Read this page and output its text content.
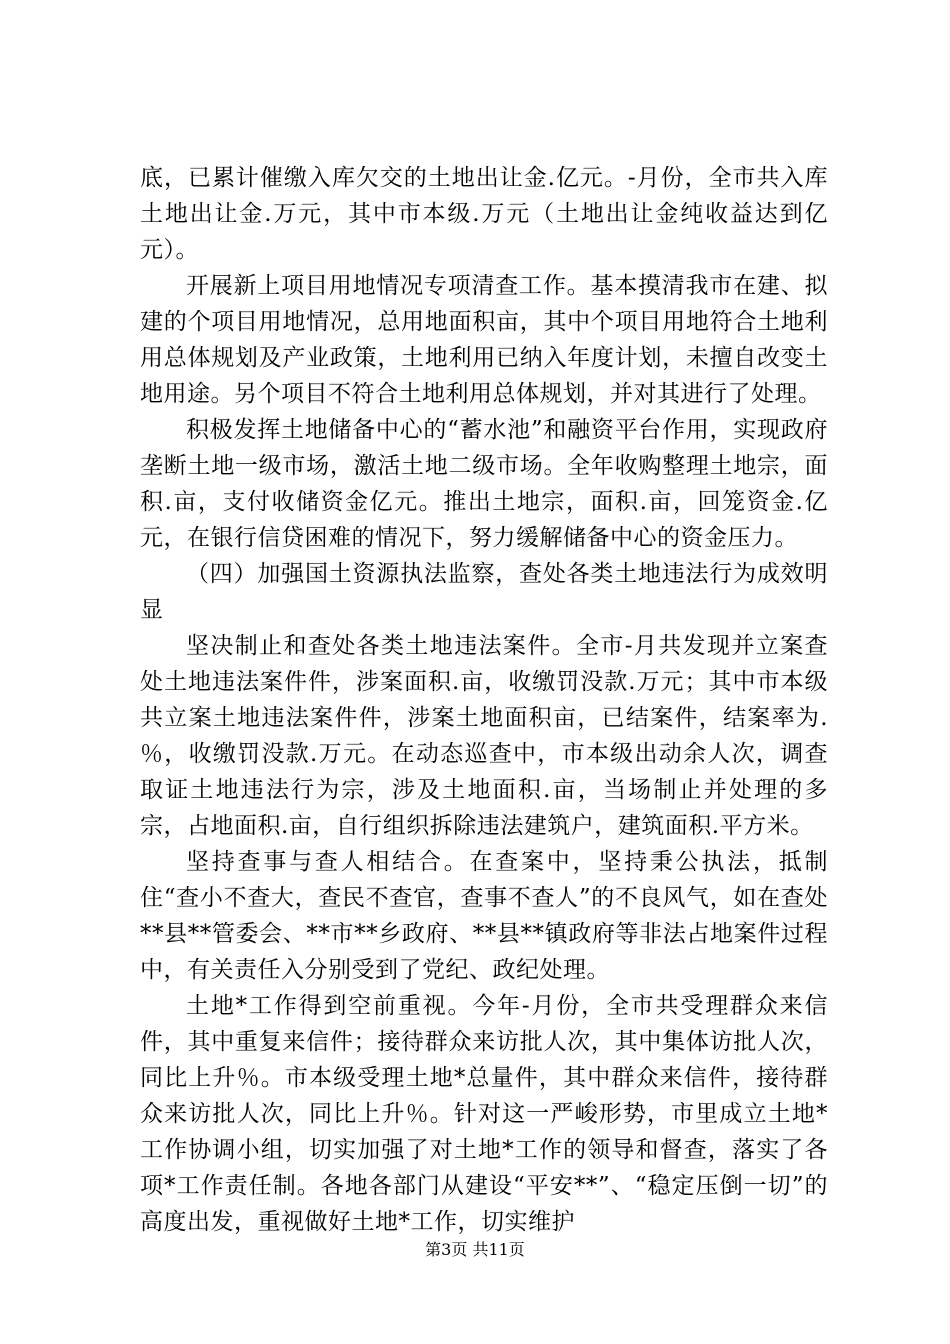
底，已累计催缴入库欠交的土地出让金.亿元。-月份，全市共入库土地出让金.万元，其中市本级.万元（土地出让金纯收益达到亿元）。

开展新上项目用地情况专项清查工作。基本摸清我市在建、拟建的个项目用地情况，总用地面积亩，其中个项目用地符合土地利用总体规划及产业政策，土地利用已纳入年度计划，未擅自改变土地用途。另个项目不符合土地利用总体规划，并对其进行了处理。

积极发挥土地储备中心的“蓄水池”和融资平台作用，实现政府垄断土地一级市场，激活土地二级市场。全年收购整理土地宗，面积.亩，支付收储资金亿元。推出土地宗，面积.亩，回笼资金.亿元，在银行信贷困难的情况下，努力缓解储备中心的资金压力。

（四）加强国土资源执法监察，查处各类土地违法行为成效明显

坚决制止和查处各类土地违法案件。全市-月共发现并立案查处土地违法案件件，涉案面积.亩，收缴罚没款.万元；其中市本级共立案土地违法案件件，涉案土地面积亩，已结案件，结案率为.％，收缴罚没款.万元。在动态巡查中，市本级出动余人次，调查取证土地违法行为宗，涉及土地面积.亩，当场制止并处理的多宗，占地面积.亩，自行组织拆除违法建筑户，建筑面积.平方米。

坚持查事与查人相结合。在查案中，坚持秉公执法，抵制住“查小不查大，查民不查官，查事不查人”的不良风气，如在查处**县**管委会、**市**乡政府、**县**镇政府等非法占地案件过程中，有关责任入分别受到了党纪、政纪处理。

土地*工作得到空前重视。今年-月份，全市共受理群众来信件，其中重复来信件；接待群众来访批人次，其中集体访批人次，同比上升％。市本级受理土地*总量件，其中群众来信件，接待群众来访批人次，同比上升％。针对这一严峻形势，市里成立土地*工作协调小组，切实加强了对土地*工作的领导和督查，落实了各项*工作责任制。各地各部门从建设“平安**”、“稳定压倒一切”的高度出发，重视做好土地*工作，切实维护

第3页 共11页
